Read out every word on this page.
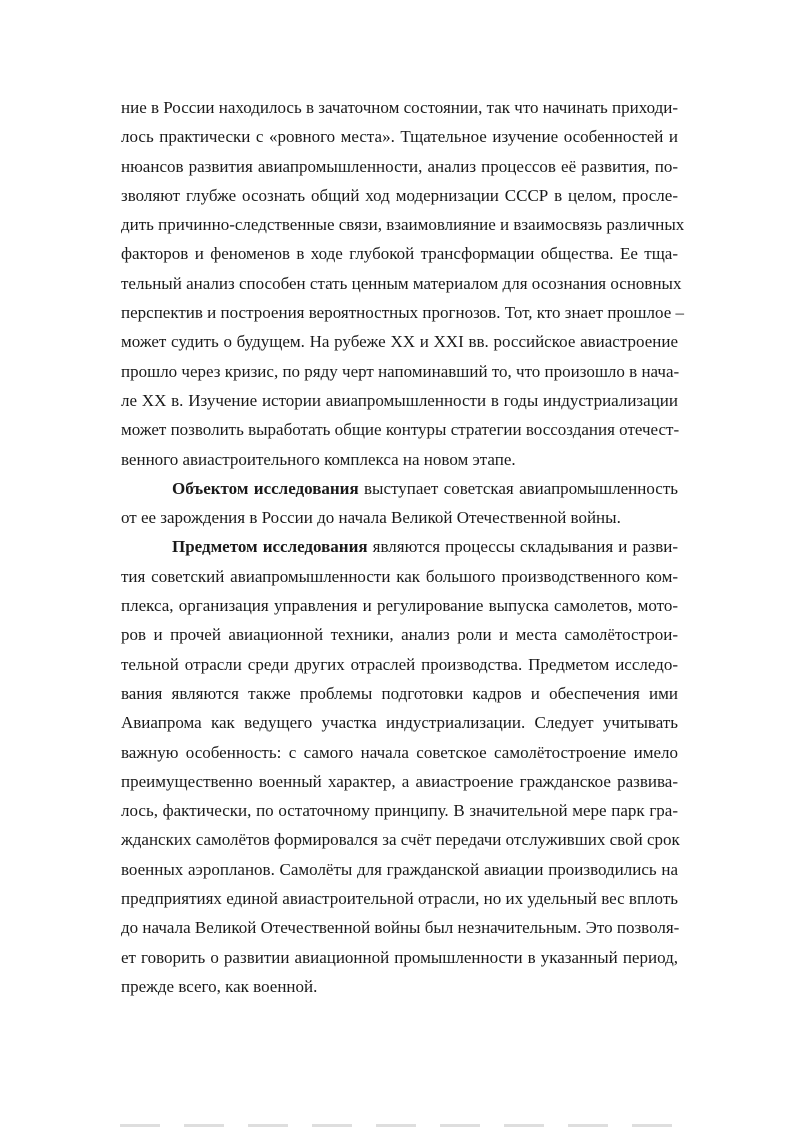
ние в России находилось в зачаточном состоянии, так что начинать приходи-
лось практически с «ровного места». Тщательное изучение особенностей и
нюансов развития авиапромышленности, анализ процессов её развития, по-
зволяют глубже осознать общий ход модернизации СССР в целом, просле-
дить причинно-следственные связи, взаимовлияние и взаимосвязь различных
факторов и феноменов в ходе глубокой трансформации общества. Ее тща-
тельный анализ способен стать ценным материалом для осознания основных
перспектив и построения вероятностных прогнозов. Тот, кто знает прошлое –
может судить о будущем. На рубеже XX и XXI вв. российское авиастроение
прошло через кризис, по ряду черт напоминавший то, что произошло в нача-
ле XX в. Изучение истории авиапромышленности в годы индустриализации
может позволить выработать общие контуры стратегии воссоздания отечест-
венного авиастроительного комплекса на новом этапе.
Объектом исследования выступает советская авиапромышленность
от ее зарождения в России до начала Великой Отечественной войны.
Предметом исследования являются процессы складывания и разви-
тия советский авиапромышленности как большого производственного ком-
плекса, организация управления и регулирование выпуска самолетов, мото-
ров и прочей авиационной техники, анализ роли и места самолётострои-
тельной отрасли среди других отраслей производства. Предметом исследо-
вания являются также проблемы подготовки кадров и обеспечения ими
Авиапрома как ведущего участка индустриализации. Следует учитывать
важную особенность: с самого начала советское самолётостроение имело
преимущественно военный характер, а авиастроение гражданское развива-
лось, фактически, по остаточному принципу. В значительной мере парк гра-
жданских самолётов формировался за счёт передачи отслуживших свой срок
военных аэропланов. Самолёты для гражданской авиации производились на
предприятиях единой авиастроительной отрасли, но их удельный вес вплоть
до начала Великой Отечественной войны был незначительным. Это позволя-
ет говорить о развитии авиационной промышленности в указанный период,
прежде всего, как военной.
